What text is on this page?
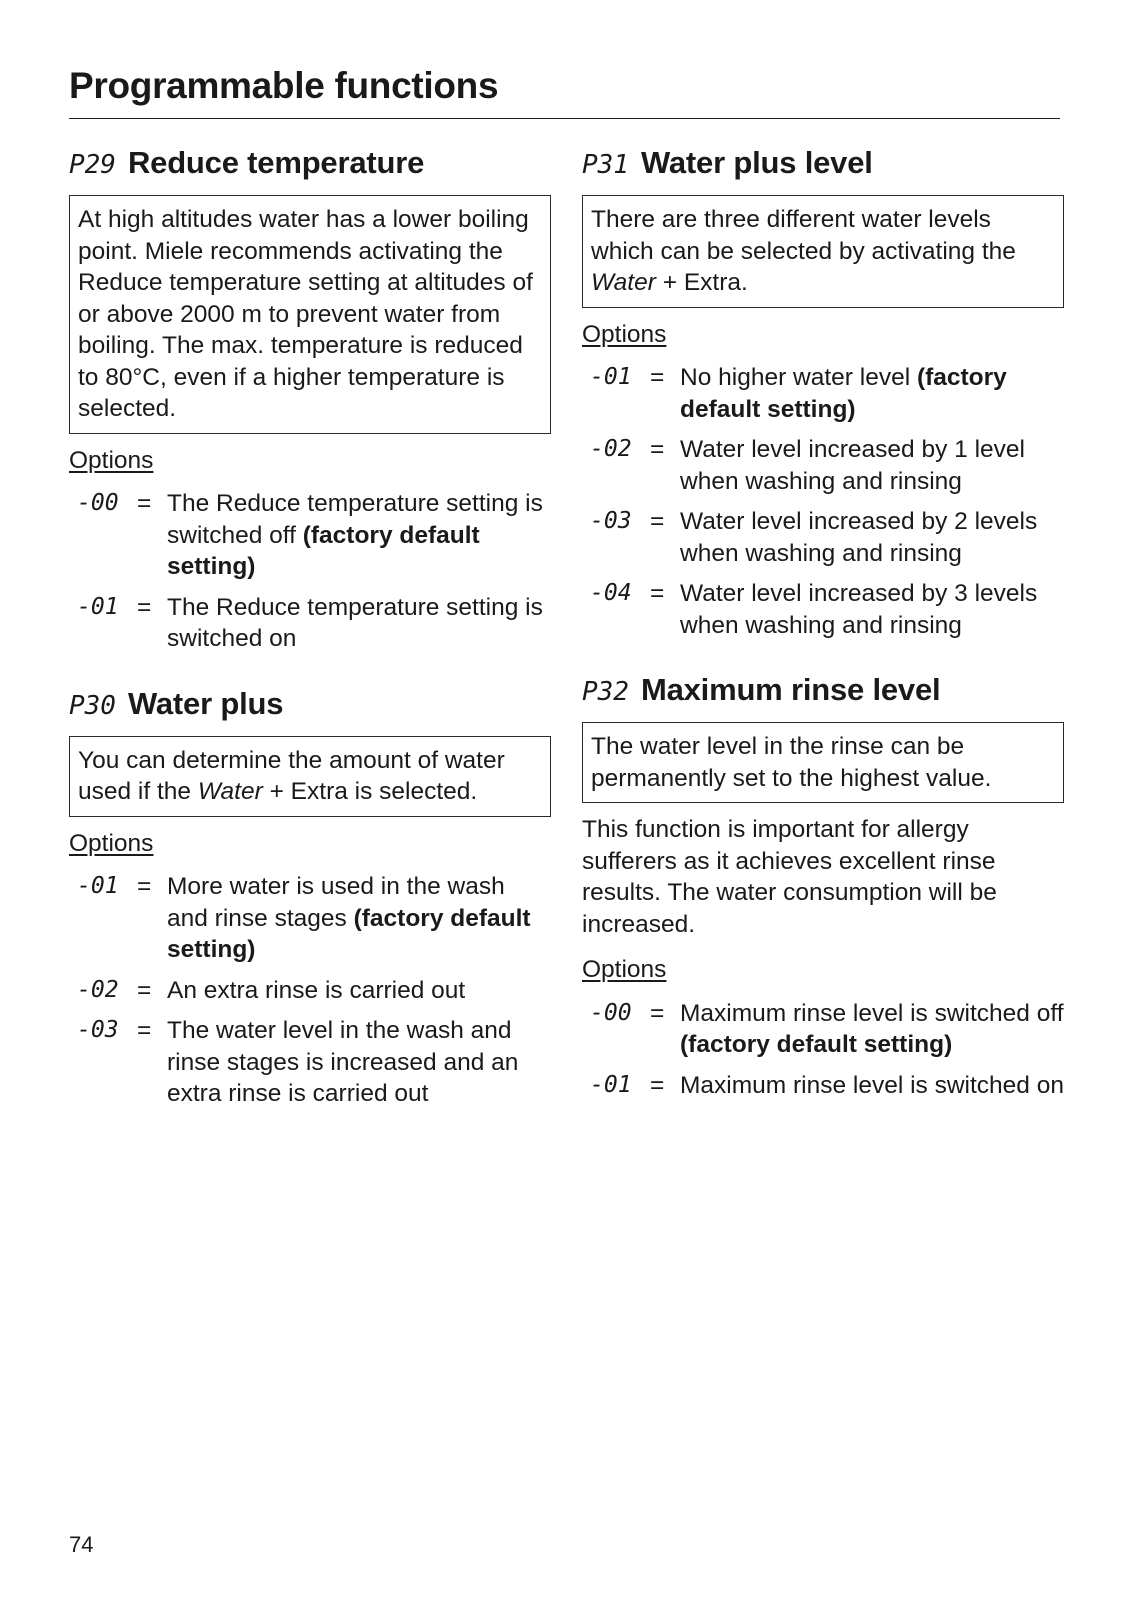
Programmable functions
P29 Reduce temperature
At high altitudes water has a lower boiling point. Miele recommends activating the Reduce temperature setting at altitudes of or above 2000 m to prevent water from boiling. The max. temperature is reduced to 80°C, even if a higher temperature is selected.
Options
-00 = The Reduce temperature setting is switched off (factory default setting)
-01 = The Reduce temperature setting is switched on
P30 Water plus
You can determine the amount of water used if the Water + Extra is selected.
Options
-01 = More water is used in the wash and rinse stages (factory default setting)
-02 = An extra rinse is carried out
-03 = The water level in the wash and rinse stages is increased and an extra rinse is carried out
P31 Water plus level
There are three different water levels which can be selected by activating the Water + Extra.
Options
-01 = No higher water level (factory default setting)
-02 = Water level increased by 1 level when washing and rinsing
-03 = Water level increased by 2 levels when washing and rinsing
-04 = Water level increased by 3 levels when washing and rinsing
P32 Maximum rinse level
The water level in the rinse can be permanently set to the highest value.
This function is important for allergy sufferers as it achieves excellent rinse results. The water consumption will be increased.
Options
-00 = Maximum rinse level is switched off (factory default setting)
-01 = Maximum rinse level is switched on
74
